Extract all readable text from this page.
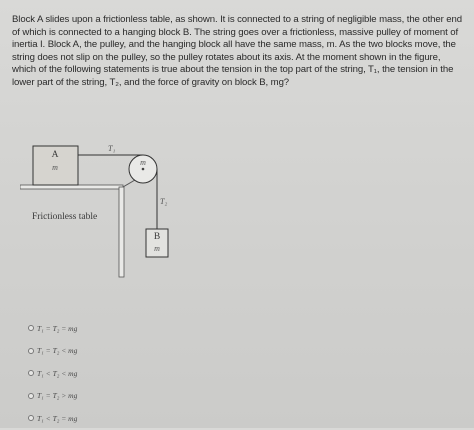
Block A slides upon a frictionless table, as shown. It is connected to a string of negligible mass, the other end of which is connected to a hanging block B. The string goes over a frictionless, massive pulley of moment of inertia I. Block A, the pulley, and the hanging block all have the same mass, m. As the two blocks move, the string does not slip on the pulley, so the pulley rotates about its axis. At the moment shown in the figure, which of the following statements is true about the tension in the top part of the string, T₁, the tension in the lower part of the string, T₂, and the force of gravity on block B, mg?
A
m
T₁
m
T₂
B
m
Frictionless table
T₁ = T₂ = mg
T₁ = T₂ < mg
T₁ < T₂ < mg
T₁ = T₂ > mg
T₁ < T₂ = mg
